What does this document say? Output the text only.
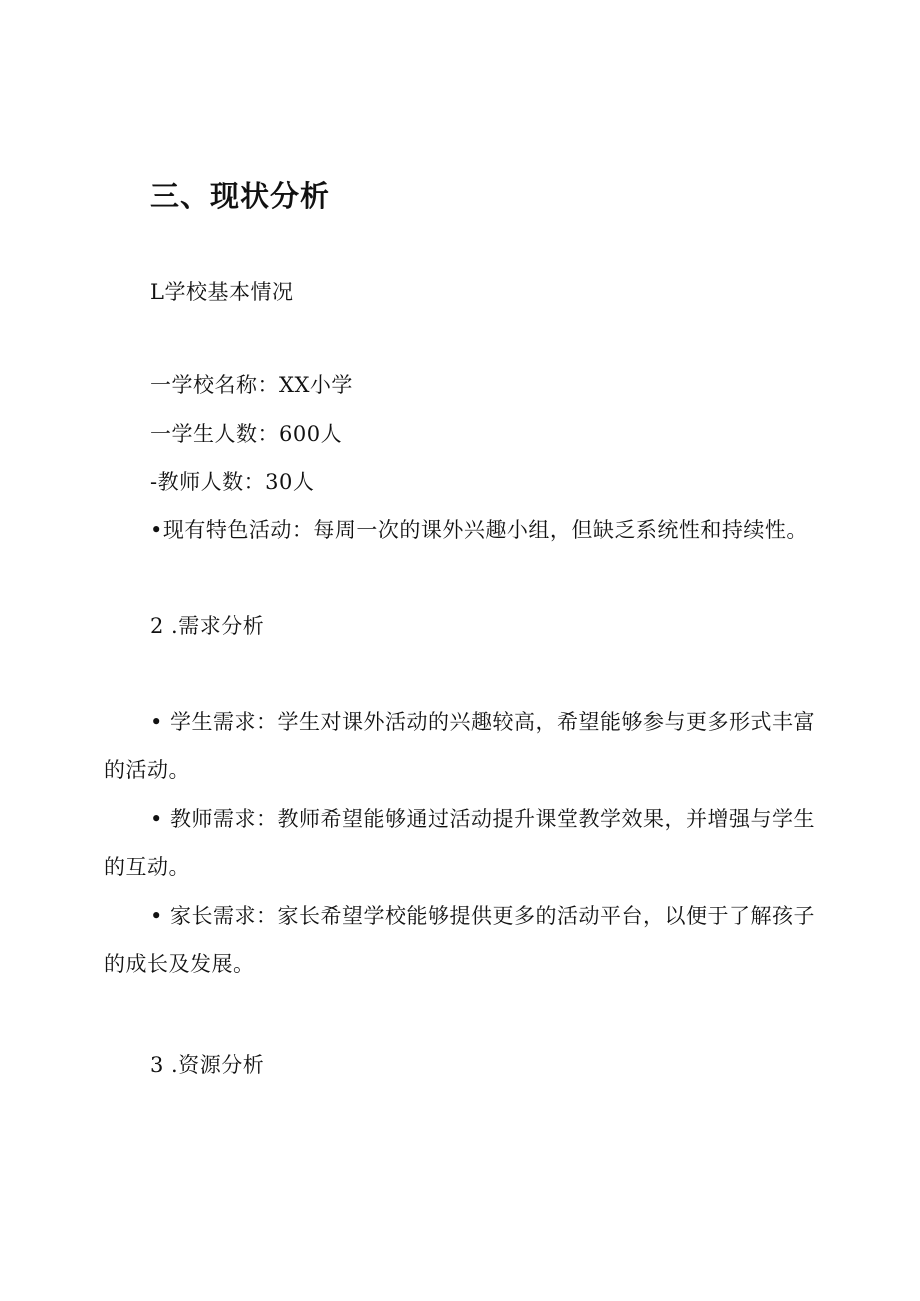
三、现状分析
L学校基本情况
一学校名称：XX小学
一学生人数：600人
-教师人数：30人
•现有特色活动：每周一次的课外兴趣小组，但缺乏系统性和持续性。
2 .需求分析

• 学生需求：学生对课外活动的兴趣较高，希望能够参与更多形式丰富的活动。

• 教师需求：教师希望能够通过活动提升课堂教学效果，并增强与学生的互动。

• 家长需求：家长希望学校能够提供更多的活动平台，以便于了解孩子的成长及发展。

3 .资源分析
